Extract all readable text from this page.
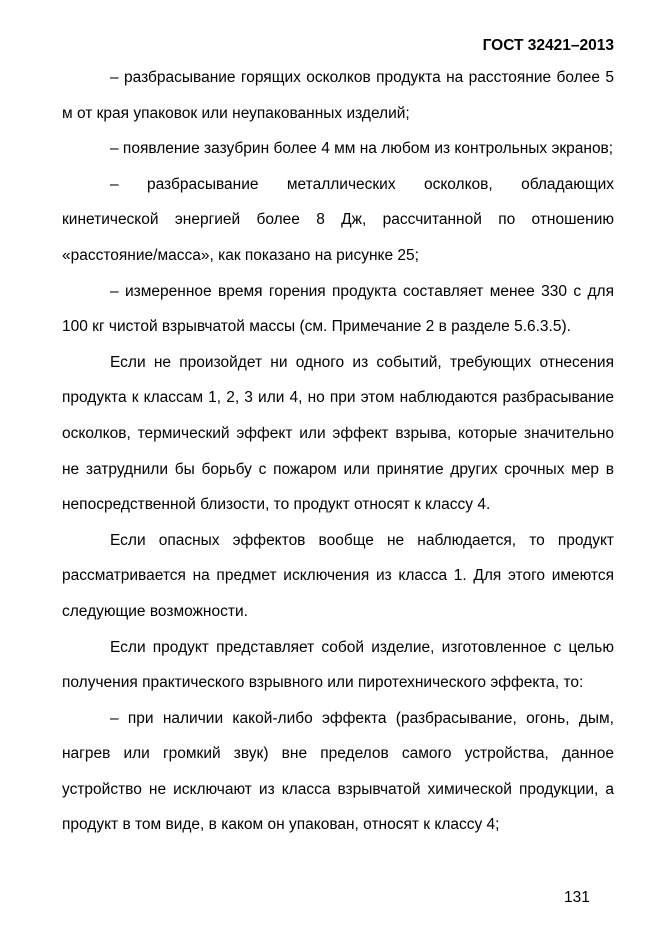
ГОСТ 32421–2013

– разбрасывание горящих осколков продукта на расстояние более 5 м от края упаковок или неупакованных изделий;

– появление зазубрин более 4 мм на любом из контрольных экранов;

– разбрасывание металлических осколков, обладающих кинетической энергией более 8 Дж, рассчитанной по отношению «расстояние/масса», как показано на рисунке 25;

– измеренное время горения продукта составляет менее 330 с для 100 кг чистой взрывчатой массы (см. Примечание 2 в разделе 5.6.3.5).

Если не произойдет ни одного из событий, требующих отнесения продукта к классам 1, 2, 3 или 4, но при этом наблюдаются разбрасывание осколков, термический эффект или эффект взрыва, которые значительно не затруднили бы борьбу с пожаром или принятие других срочных мер в непосредственной близости, то продукт относят к классу 4.

Если опасных эффектов вообще не наблюдается, то продукт рассматривается на предмет исключения из класса 1. Для этого имеются следующие возможности.

Если продукт представляет собой изделие, изготовленное с целью получения практического взрывного или пиротехнического эффекта, то:

– при наличии какой-либо эффекта (разбрасывание, огонь, дым, нагрев или громкий звук) вне пределов самого устройства, данное устройство не исключают из класса взрывчатой химической продукции, а продукт в том виде, в каком он упакован, относят к классу 4;

131
